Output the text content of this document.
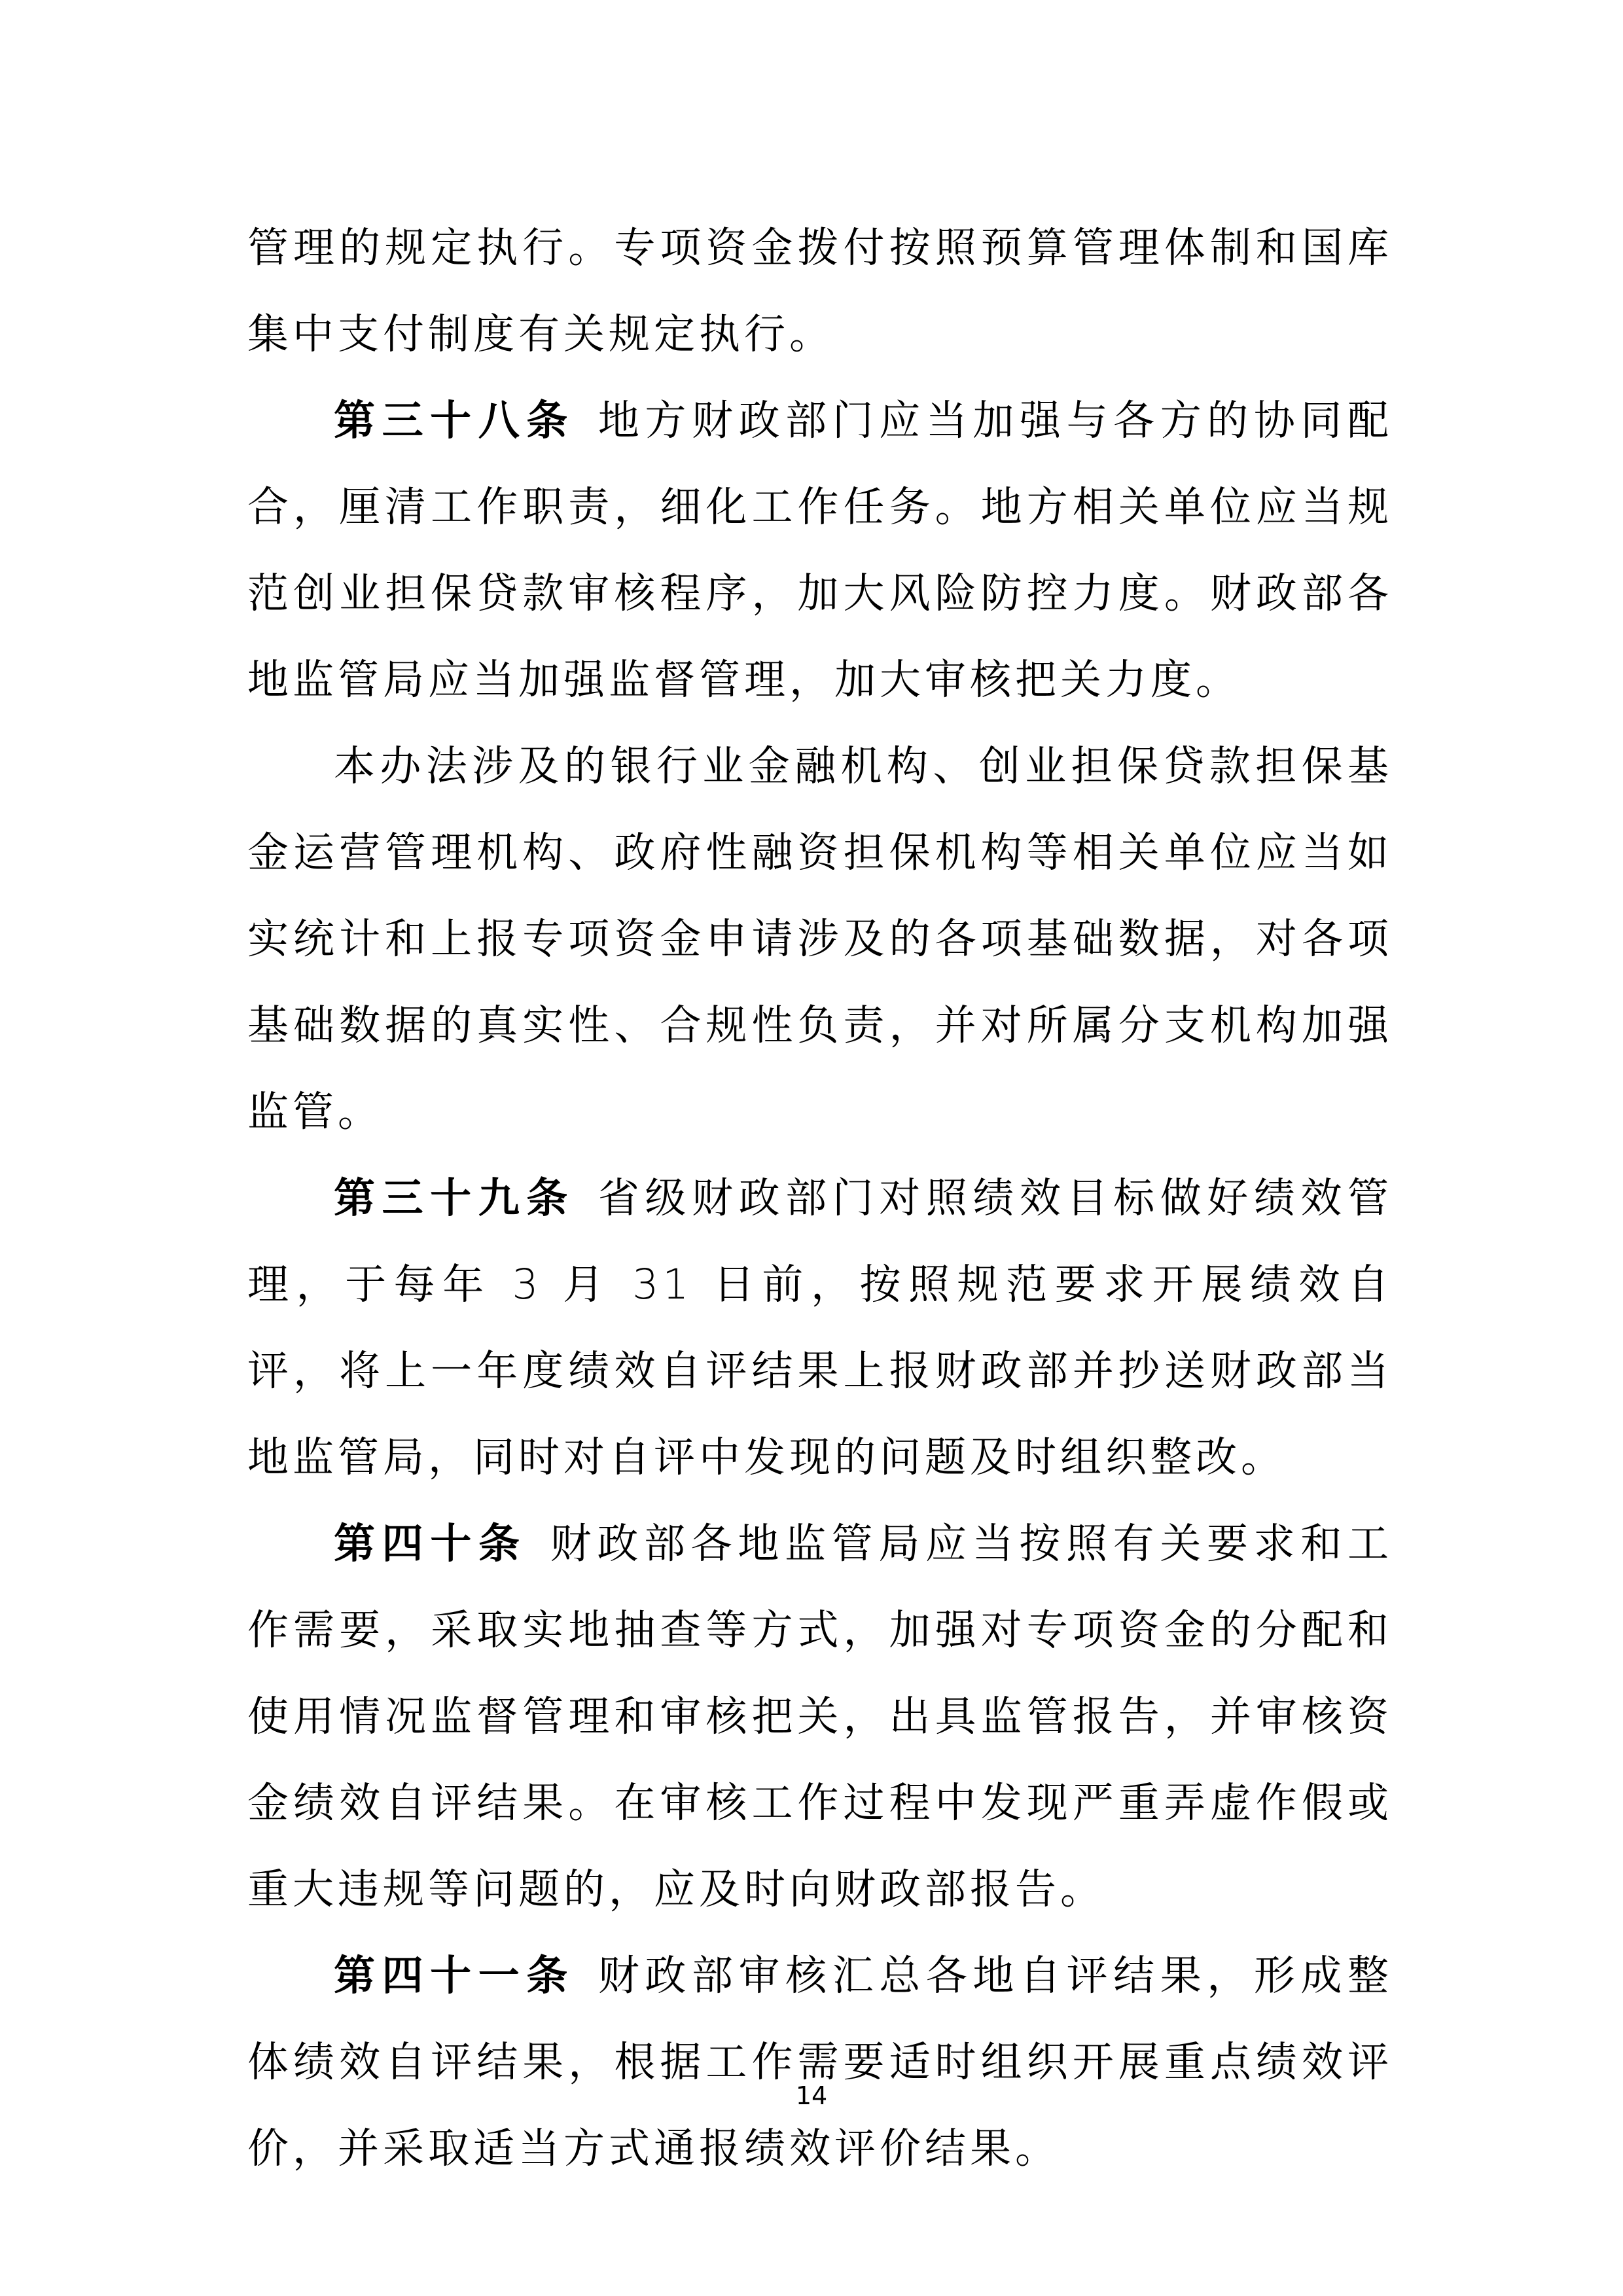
管理的规定执行。专项资金拨付按照预算管理体制和国库集中支付制度有关规定执行。

第三十八条 地方财政部门应当加强与各方的协同配合，厘清工作职责，细化工作任务。地方相关单位应当规范创业担保贷款审核程序，加大风险防控力度。财政部各地监管局应当加强监督管理，加大审核把关力度。

本办法涉及的银行业金融机构、创业担保贷款担保基金运营管理机构、政府性融资担保机构等相关单位应当如实统计和上报专项资金申请涉及的各项基础数据，对各项基础数据的真实性、合规性负责，并对所属分支机构加强监管。

第三十九条 省级财政部门对照绩效目标做好绩效管理，于每年 3 月 31 日前，按照规范要求开展绩效自评，将上一年度绩效自评结果上报财政部并抄送财政部当地监管局，同时对自评中发现的问题及时组织整改。

第四十条 财政部各地监管局应当按照有关要求和工作需要，采取实地抽查等方式，加强对专项资金的分配和使用情况监督管理和审核把关，出具监管报告，并审核资金绩效自评结果。在审核工作过程中发现严重弄虚作假或重大违规等问题的，应及时向财政部报告。

第四十一条 财政部审核汇总各地自评结果，形成整体绩效自评结果，根据工作需要适时组织开展重点绩效评价，并采取适当方式通报绩效评价结果。

14
